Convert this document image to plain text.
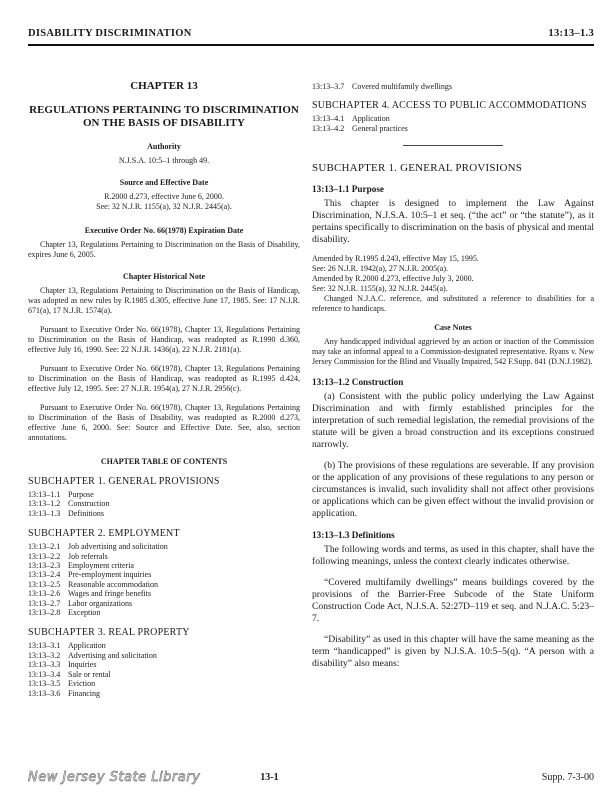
DISABILITY DISCRIMINATION	13:13–1.3
CHAPTER 13
REGULATIONS PERTAINING TO DISCRIMINATION ON THE BASIS OF DISABILITY
Authority
N.J.S.A. 10:5–1 through 49.
Source and Effective Date
R.2000 d.273, effective June 6, 2000.
See: 32 N.J.R. 1155(a), 32 N.J.R. 2445(a).
Executive Order No. 66(1978) Expiration Date
Chapter 13, Regulations Pertaining to Discrimination on the Basis of Disability, expires June 6, 2005.
Chapter Historical Note
Chapter 13, Regulations Pertaining to Discrimination on the Basis of Handicap, was adopted as new rules by R.1985 d.305, effective June 17, 1985. See: 17 N.J.R. 671(a), 17 N.J.R. 1574(a).
Pursuant to Executive Order No. 66(1978), Chapter 13, Regulations Pertaining to Discrimination on the Basis of Handicap, was readopted as R.1990 d.360, effective July 16, 1990. See: 22 N.J.R. 1436(a), 22 N.J.R. 2181(a).
Pursuant to Executive Order No. 66(1978), Chapter 13, Regulations Pertaining to Discrimination on the Basis of Handicap, was readopted as R.1995 d.424, effective July 12, 1995. See: 27 N.J.R. 1954(a), 27 N.J.R. 2956(c).
Pursuant to Executive Order No. 66(1978), Chapter 13, Regulations Pertaining to Discrimination of the Basis of Disability, was readopted as R.2000 d.273, effective June 6, 2000. See: Source and Effective Date. See, also, section annotations.
CHAPTER TABLE OF CONTENTS
SUBCHAPTER 1. GENERAL PROVISIONS
13:13–1.1 Purpose
13:13–1.2 Construction
13:13–1.3 Definitions
SUBCHAPTER 2. EMPLOYMENT
13:13–2.1 Job advertising and solicitation
13:13–2.2 Job referrals
13:13–2.3 Employment criteria
13:13–2.4 Pre-employment inquiries
13:13–2.5 Reasonable accommodation
13:13–2.6 Wages and fringe benefits
13:13–2.7 Labor organizations
13:13–2.8 Exception
SUBCHAPTER 3. REAL PROPERTY
13:13–3.1 Application
13:13–3.2 Advertising and solicitation
13:13–3.3 Inquiries
13:13–3.4 Sale or rental
13:13–3.5 Eviction
13:13–3.6 Financing
13:13–3.7 Covered multifamily dwellings
SUBCHAPTER 4. ACCESS TO PUBLIC ACCOMMODATIONS
13:13–4.1 Application
13:13–4.2 General practices
SUBCHAPTER 1. GENERAL PROVISIONS
13:13–1.1 Purpose
This chapter is designed to implement the Law Against Discrimination, N.J.S.A. 10:5–1 et seq. (“the act” or “the statute”), as it pertains specifically to discrimination on the basis of physical and mental disability.
Amended by R.1995 d.243, effective May 15, 1995.
See: 26 N.J.R. 1942(a), 27 N.J.R. 2005(a).
Amended by R.2000 d.273, effective July 3, 2000.
See: 32 N.J.R. 1155(a), 32 N.J.R. 2445(a).
Changed N.J.A.C. reference, and substituted a reference to disabilities for a reference to handicaps.
Case Notes
Any handicapped individual aggrieved by an action or inaction of the Commission may take an informal appeal to a Commission-designated representative. Ryans v. New Jersey Commission for the Blind and Visually Impaired, 542 F.Supp. 841 (D.N.J.1982).
13:13–1.2 Construction
(a) Consistent with the public policy underlying the Law Against Discrimination and with firmly established principles for the interpretation of such remedial legislation, the remedial provisions of the statute will be given a broad construction and its exceptions construed narrowly.
(b) The provisions of these regulations are severable. If any provision or the application of any provisions of these regulations to any person or circumstances is invalid, such invalidity shall not affect other provisions or applications which can be given effect without the invalid provision or application.
13:13–1.3 Definitions
The following words and terms, as used in this chapter, shall have the following meanings, unless the context clearly indicates otherwise.
“Covered multifamily dwellings” means buildings covered by the provisions of the Barrier-Free Subcode of the State Uniform Construction Code Act, N.J.S.A. 52:27D–119 et seq. and N.J.A.C. 5:23–7.
“Disability” as used in this chapter will have the same meaning as the term “handicapped” is given by N.J.S.A. 10:5–5(q). “A person with a disability” also means:
New Jersey State Library	13-1	Supp. 7-3-00
